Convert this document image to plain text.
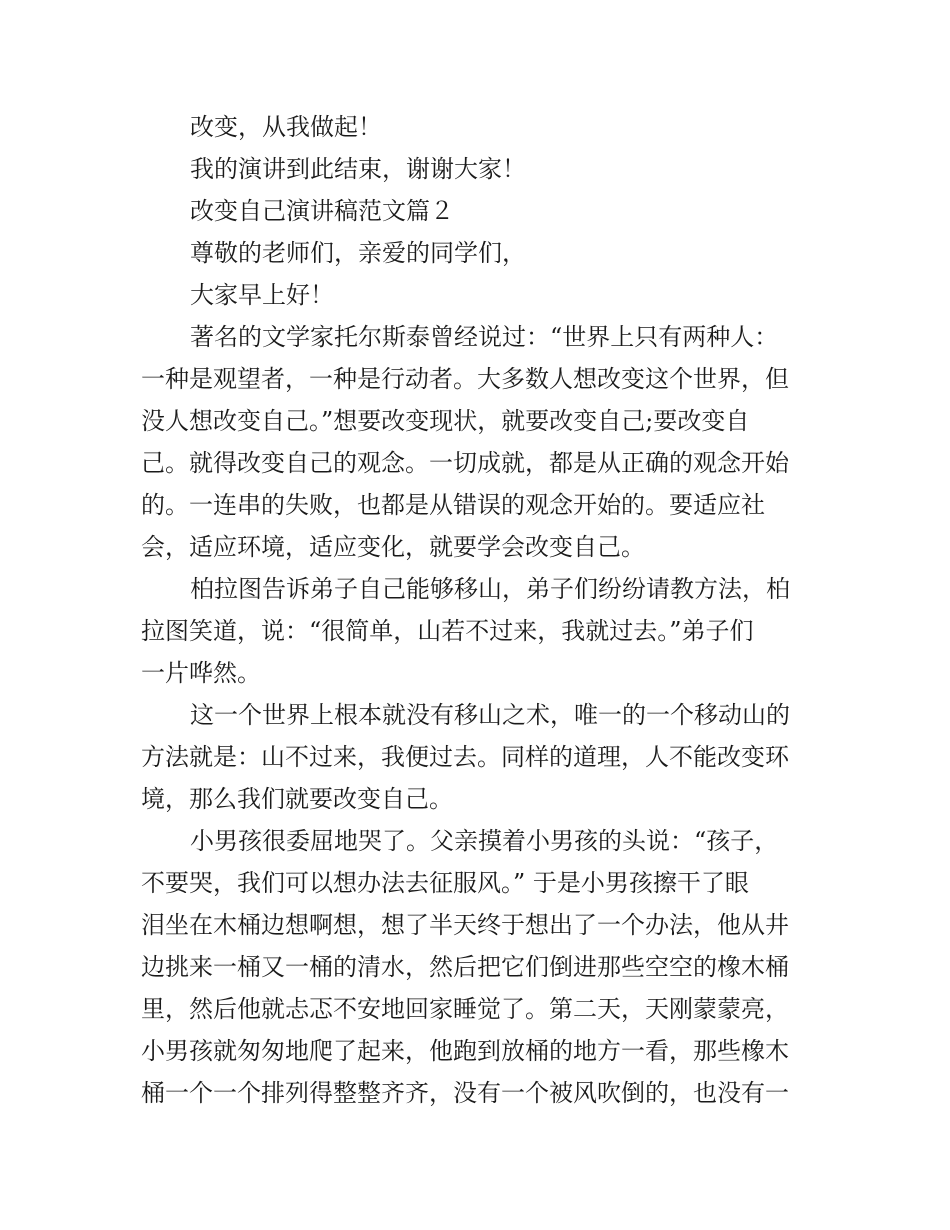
改变，从我做起！
我的演讲到此结束，谢谢大家！
改变自己演讲稿范文篇２
尊敬的老师们，亲爱的同学们，
大家早上好！
著名的文学家托尔斯泰曾经说过：“世界上只有两种人：
一种是观望者，一种是行动者。大多数人想改变这个世界，但
没人想改变自己。”想要改变现状，就要改变自己;要改变自
己。就得改变自己的观念。一切成就，都是从正确的观念开始
的。一连串的失败，也都是从错误的观念开始的。要适应社
会，适应环境，适应变化，就要学会改变自己。
柏拉图告诉弟子自己能够移山，弟子们纷纷请教方法，柏
拉图笑道，说：“很简单，山若不过来，我就过去。”弟子们
一片哗然。
这一个世界上根本就没有移山之术，唯一的一个移动山的
方法就是：山不过来，我便过去。同样的道理，人不能改变环
境，那么我们就要改变自己。
小男孩很委屈地哭了。父亲摸着小男孩的头说：“孩子，
不要哭，我们可以想办法去征服风。” 于是小男孩擦干了眼
泪坐在木桶边想啊想，想了半天终于想出了一个办法，他从井
边挑来一桶又一桶的清水，然后把它们倒进那些空空的橡木桶
里，然后他就忐忑不安地回家睡觉了。第二天，天刚蒙蒙亮，
小男孩就匆匆地爬了起来，他跑到放桶的地方一看，那些橡木
桶一个一个排列得整整齐齐，没有一个被风吹倒的，也没有一
